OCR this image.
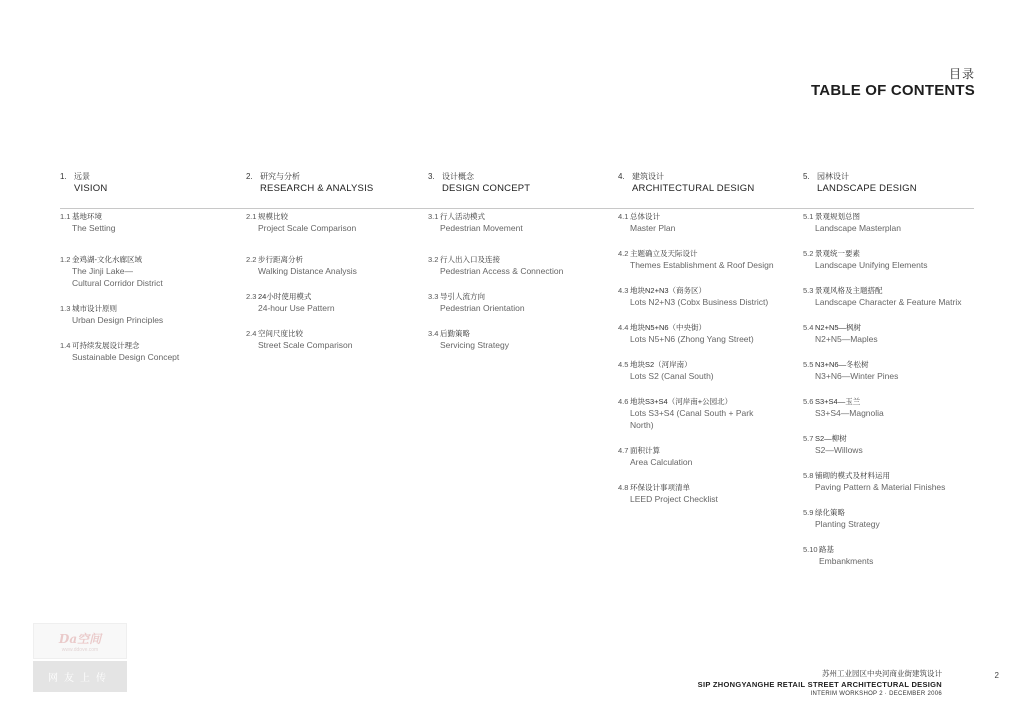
目录
TABLE OF CONTENTS
1. 远景
VISION
1.1 基地环境
The Setting
1.2 金鸡湖-文化水廊区域
The Jinji Lake—
Cultural Corridor District
1.3 城市设计原则
Urban Design Principles
1.4 可持续发展设计理念
Sustainable Design Concept
2. 研究与分析
RESEARCH & ANALYSIS
2.1 规模比较
Project Scale Comparison
2.2 步行距离分析
Walking Distance Analysis
2.3 24小时使用模式
24-hour Use Pattern
2.4 空间尺度比较
Street Scale Comparison
3. 设计概念
DESIGN CONCEPT
3.1 行人活动模式
Pedestrian Movement
3.2 行人出入口及连接
Pedestrian Access & Connection
3.3 导引人流方向
Pedestrian Orientation
3.4 后勤策略
Servicing Strategy
4. 建筑设计
ARCHITECTURAL DESIGN
4.1 总体设计
Master Plan
4.2 主题确立及天际设计
Themes Establishment & Roof Design
4.3 地块N2+N3（商务区）
Lots N2+N3 (Cobx Business District)
4.4 地块N5+N6（中央街）
Lots N5+N6 (Zhong Yang Street)
4.5 地块S2（河岸南）
Lots S2 (Canal South)
4.6 地块S3+S4（河岸南+公园北）
Lots S3+S4 (Canal South + Park
North)
4.7 面积计算
Area Calculation
4.8 环保设计事项清单
LEED Project Checklist
5. 园林设计
LANDSCAPE DESIGN
5.1 景观规划总图
Landscape Masterplan
5.2 景观统一要素
Landscape Unifying Elements
5.3 景观风格及主题搭配
Landscape Character & Feature Matrix
5.4 N2+N5—枫树
N2+N5—Maples
5.5 N3+N6—冬松树
N3+N6—Winter Pines
5.6 S3+S4—玉兰
S3+S4—Magnolia
5.7 S2—柳树
S2—Willows
5.8 铺砌的模式及材料运用
Paving Pattern & Material Finishes
5.9 绿化策略
Planting Strategy
5.10 路基
Embankments
Da空间
www.ddove.com
网友上传	苏州工业园区中央河商业街建筑设计
SIP ZHONGYANGHE RETAIL STREET ARCHITECTURAL DESIGN
INTERIM WORKSHOP 2 · DECEMBER 2006
2
